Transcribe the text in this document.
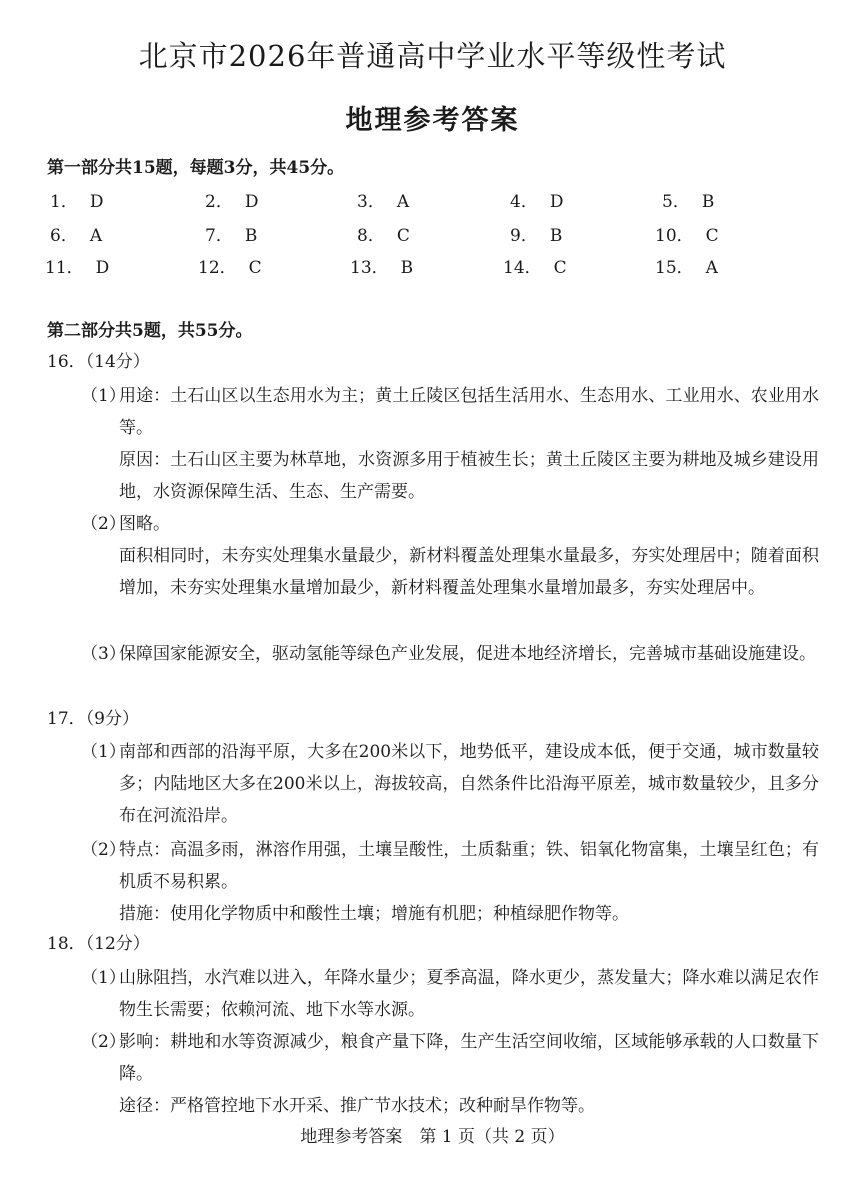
北京市2026年普通高中学业水平等级性考试
地理参考答案
第一部分共15题，每题3分，共45分。
1． D	2． D	3． A	4． D	5． B
6． A	7． B	8． C	9． B	10． C
11． D	12． C	13． B	14． C	15． A
第二部分共5题，共55分。
16．（14分）
（1）
用途：土石山区以生态用水为主；黄土丘陵区包括生活用水、生态用水、工业用水、农业用水等。
原因：土石山区主要为林草地，水资源多用于植被生长；黄土丘陵区主要为耕地及城乡建设用地，水资源保障生活、生态、生产需要。
（2）
图略。
面积相同时，未夯实处理集水量最少，新材料覆盖处理集水量最多，夯实处理居中；随着面积增加，未夯实处理集水量增加最少，新材料覆盖处理集水量增加最多，夯实处理居中。
（3）
保障国家能源安全，驱动氢能等绿色产业发展，促进本地经济增长，完善城市基础设施建设。
17．（9分）
（1）
南部和西部的沿海平原，大多在200米以下，地势低平，建设成本低，便于交通，城市数量较多；内陆地区大多在200米以上，海拔较高，自然条件比沿海平原差，城市数量较少，且多分布在河流沿岸。
（2）
特点：高温多雨，淋溶作用强，土壤呈酸性，土质黏重；铁、铝氧化物富集，土壤呈红色；有机质不易积累。
措施：使用化学物质中和酸性土壤；增施有机肥；种植绿肥作物等。
18．（12分）
（1）
山脉阻挡，水汽难以进入，年降水量少；夏季高温，降水更少，蒸发量大；降水难以满足农作物生长需要；依赖河流、地下水等水源。
（2）
影响：耕地和水等资源减少，粮食产量下降，生产生活空间收缩，区域能够承载的人口数量下降。
途径：严格管控地下水开采、推广节水技术；改种耐旱作物等。
地理参考答案　第 1 页（共 2 页）
